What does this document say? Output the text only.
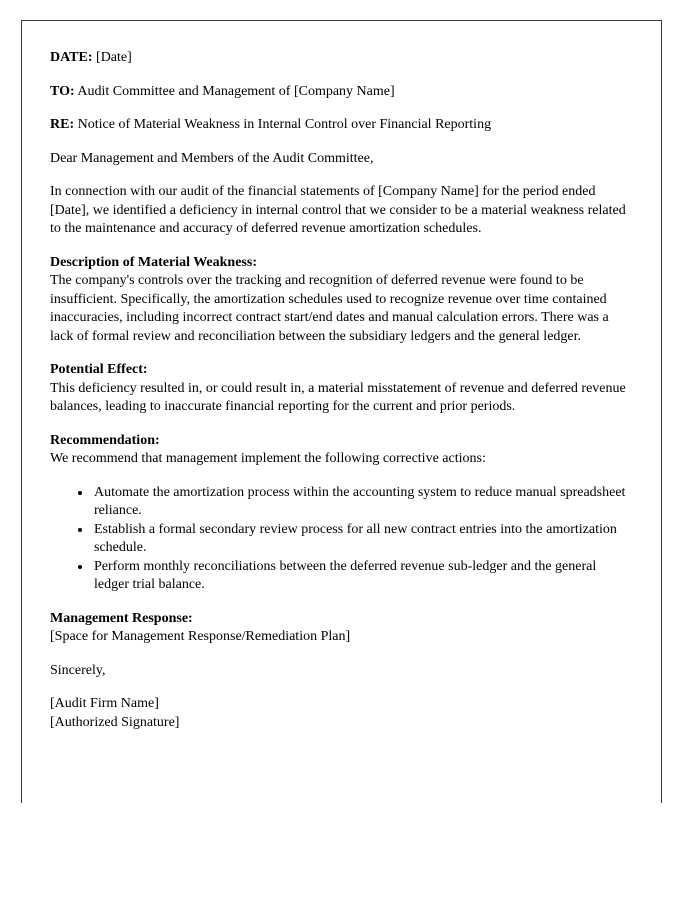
DATE: [Date]

TO: Audit Committee and Management of [Company Name]

RE: Notice of Material Weakness in Internal Control over Financial Reporting

Dear Management and Members of the Audit Committee,

In connection with our audit of the financial statements of [Company Name] for the period ended [Date], we identified a deficiency in internal control that we consider to be a material weakness related to the maintenance and accuracy of deferred revenue amortization schedules.

Description of Material Weakness:
The company's controls over the tracking and recognition of deferred revenue were found to be insufficient. Specifically, the amortization schedules used to recognize revenue over time contained inaccuracies, including incorrect contract start/end dates and manual calculation errors. There was a lack of formal review and reconciliation between the subsidiary ledgers and the general ledger.
Potential Effect:
This deficiency resulted in, or could result in, a material misstatement of revenue and deferred revenue balances, leading to inaccurate financial reporting for the current and prior periods.
Recommendation:
We recommend that management implement the following corrective actions:
• Automate the amortization process within the accounting system to reduce manual spreadsheet reliance.
• Establish a formal secondary review process for all new contract entries into the amortization schedule.
• Perform monthly reconciliations between the deferred revenue sub-ledger and the general ledger trial balance.
Management Response:
[Space for Management Response/Remediation Plan]

Sincerely,

[Audit Firm Name]
[Authorized Signature]
